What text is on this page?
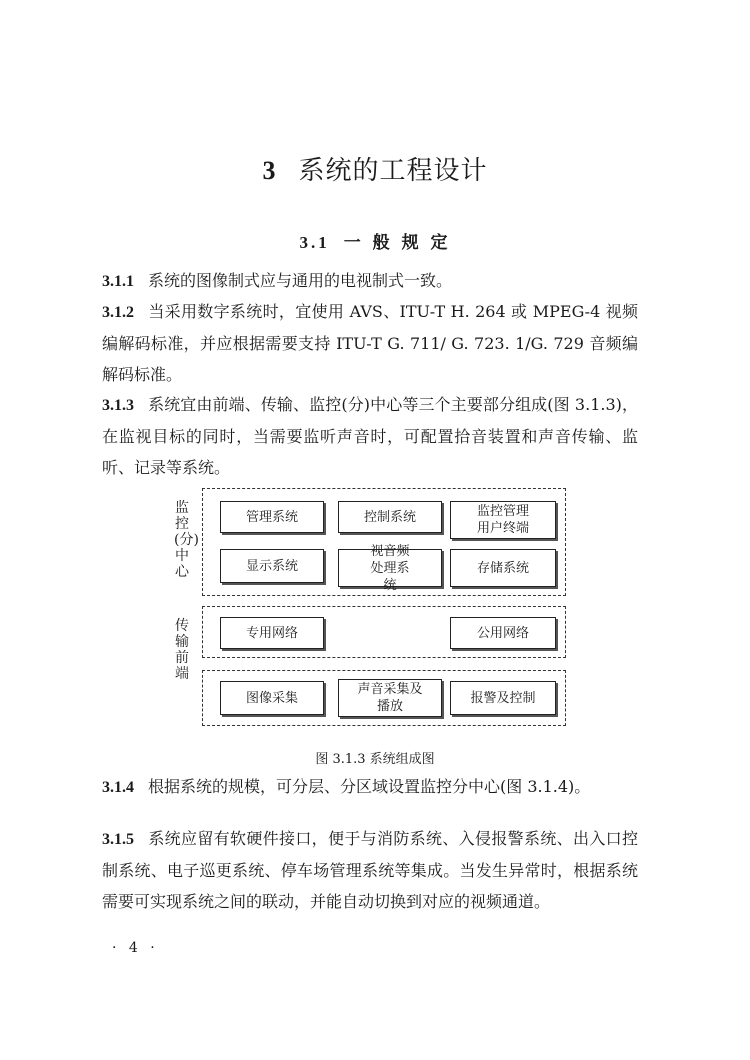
3 系统的工程设计
3.1 一 般 规 定
3.1.1 系统的图像制式应与通用的电视制式一致。
3.1.2 当采用数字系统时，宜使用 AVS、ITU-T H. 264 或 MPEG-4 视频编解码标准，并应根据需要支持 ITU-T G. 711/ G. 723. 1/G. 729 音频编解码标准。
3.1.3 系统宜由前端、传输、监控(分)中心等三个主要部分组成(图 3.1.3)，在监视目标的同时，当需要监听声音时，可配置拾音装置和声音传输、监听、记录等系统。
监控(分)中心
传输
前端
管理系统	控制系统	监控管理用户终端
显示系统
视音频处理系统
存储系统
专用网络	公用网络
图像采集
声音采集及播放
报警及控制
图 3.1.3 系统组成图
3.1.4 根据系统的规模，可分层、分区域设置监控分中心(图 3.1.4)。
3.1.5 系统应留有软硬件接口，便于与消防系统、入侵报警系统、出入口控制系统、电子巡更系统、停车场管理系统等集成。当发生异常时，根据系统需要可实现系统之间的联动，并能自动切换到对应的视频通道。
· 4 ·
